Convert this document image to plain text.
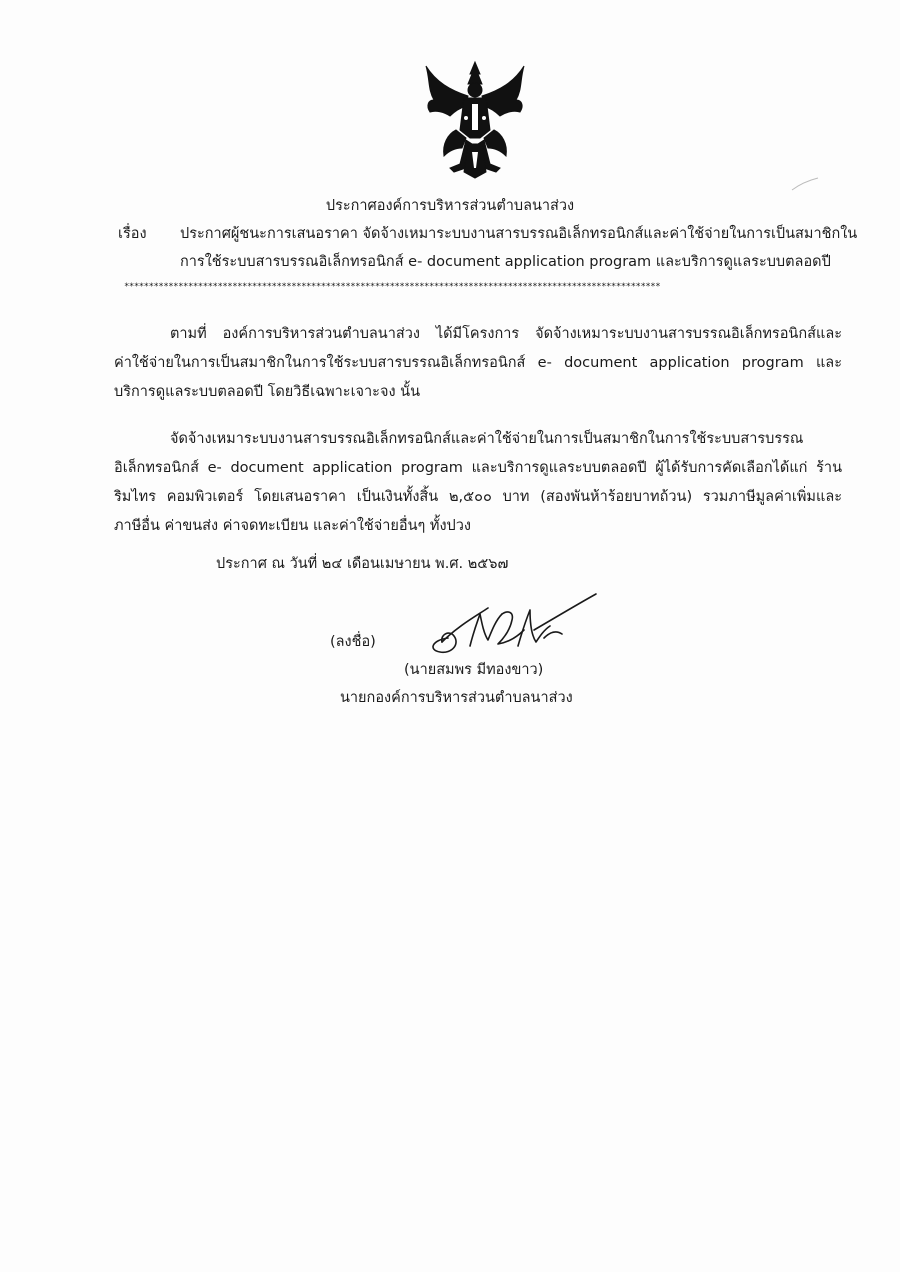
ประกาศองค์การบริหารส่วนตำบลนาส่วง
เรื่อง ประกาศผู้ชนะการเสนอราคา จัดจ้างเหมาระบบงานสารบรรณอิเล็กทรอนิกส์และค่าใช้จ่ายในการเป็นสมาชิกใน
การใช้ระบบสารบรรณอิเล็กทรอนิกส์ e- document application program และบริการดูแลระบบตลอดปี
*************************************************************************************************************
ตามที่ องค์การบริหารส่วนตำบลนาส่วง ได้มีโครงการ จัดจ้างเหมาระบบงานสารบรรณอิเล็กทรอนิกส์และ
ค่าใช้จ่ายในการเป็นสมาชิกในการใช้ระบบสารบรรณอิเล็กทรอนิกส์ e- document application program และ
บริการดูแลระบบตลอดปี โดยวิธีเฉพาะเจาะจง นั้น
จัดจ้างเหมาระบบงานสารบรรณอิเล็กทรอนิกส์และค่าใช้จ่ายในการเป็นสมาชิกในการใช้ระบบสารบรรณ
อิเล็กทรอนิกส์ e- document application program และบริการดูแลระบบตลอดปี ผู้ได้รับการคัดเลือกได้แก่ ร้าน
ริมไทร คอมพิวเตอร์ โดยเสนอราคา เป็นเงินทั้งสิ้น ๒,๕๐๐ บาท (สองพันห้าร้อยบาทถ้วน) รวมภาษีมูลค่าเพิ่มและ
ภาษีอื่น ค่าขนส่ง ค่าจดทะเบียน และค่าใช้จ่ายอื่นๆ ทั้งปวง
ประกาศ ณ วันที่ ๒๔ เดือนเมษายน พ.ศ. ๒๕๖๗
(ลงชื่อ)
(นายสมพร มีทองขาว)
นายกองค์การบริหารส่วนตำบลนาส่วง
